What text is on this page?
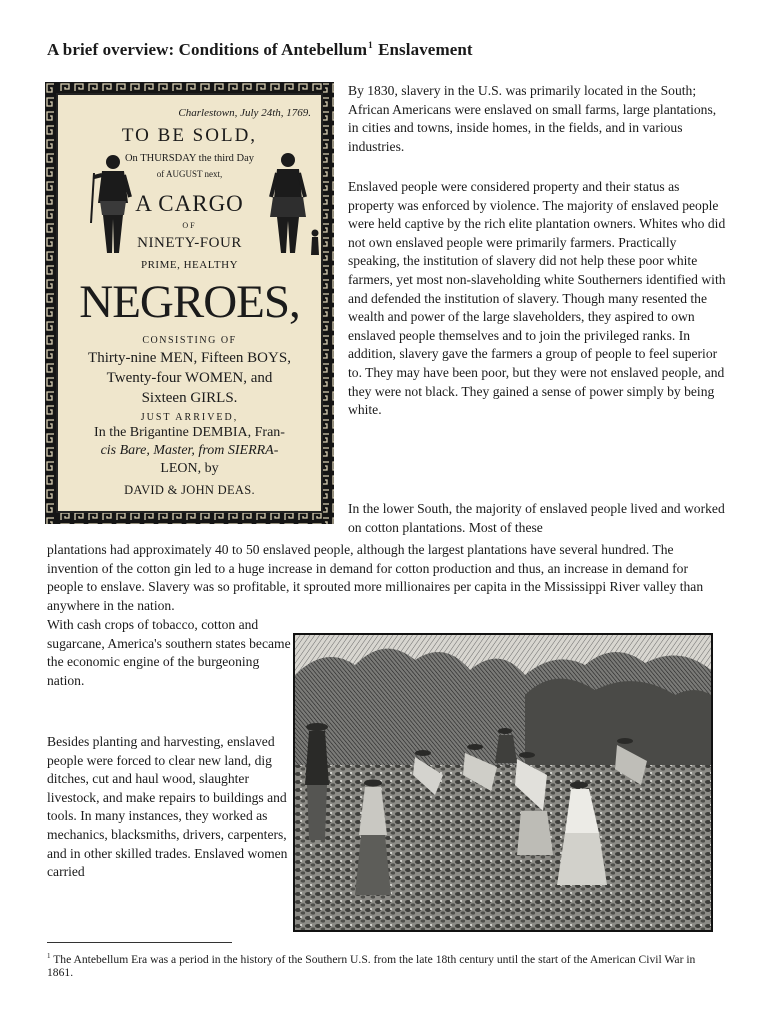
A brief overview: Conditions of Antebellum$^1$ Enslavement
Charlestown, July 24th, 1769.
TO BE SOLD,
On THURSDAY the third Day
of AUGUST next,
A CARGO
OF
NINETY-FOUR
PRIME, HEALTHY
NEGROES,
CONSISTING OF
Thirty-nine MEN, Fifteen BOYS,
Twenty-four WOMEN, and
Sixteen GIRLS.
JUST ARRIVED,
In the Brigantine DEMBIA, Fran-
cis Bare, Master, from SIERRA-
LEON, by
DAVID & JOHN DEAS.
By 1830, slavery in the U.S. was primarily located in the South; African Americans were enslaved on small farms, large plantations, in cities and towns, inside homes, in the fields, and in various industries.
Enslaved people were considered property and their status as property was enforced by violence. The majority of enslaved people were held captive by the rich elite plantation owners. Whites who did not own enslaved people were primarily farmers. Practically speaking, the institution of slavery did not help these poor white farmers, yet most non-slaveholding white Southerners identified with and defended the institution of slavery. Though many resented the wealth and power of the large slaveholders, they aspired to own enslaved people themselves and to join the privileged ranks. In addition, slavery gave the farmers a group of people to feel superior to. They may have been poor, but they were not enslaved people, and they were not black. They gained a sense of power simply by being white.
In the lower South, the majority of enslaved people lived and worked on cotton plantations. Most of these
plantations had approximately 40 to 50 enslaved people, although the largest plantations have several hundred. The invention of the cotton gin led to a huge increase in demand for cotton production and thus, an increase in demand for people to enslave. Slavery was so profitable, it sprouted more millionaires per capita in the Mississippi River valley than anywhere in the nation.
With cash crops of tobacco, cotton and sugarcane, America's southern states became the economic engine of the burgeoning nation.
Besides planting and harvesting, enslaved people were forced to clear new land, dig ditches, cut and haul wood, slaughter livestock, and make repairs to buildings and tools. In many instances, they worked as mechanics, blacksmiths, drivers, carpenters, and in other skilled trades. Enslaved women carried
$^1$ The Antebellum Era was a period in the history of the Southern U.S. from the late 18th century until the start of the American Civil War in 1861.
